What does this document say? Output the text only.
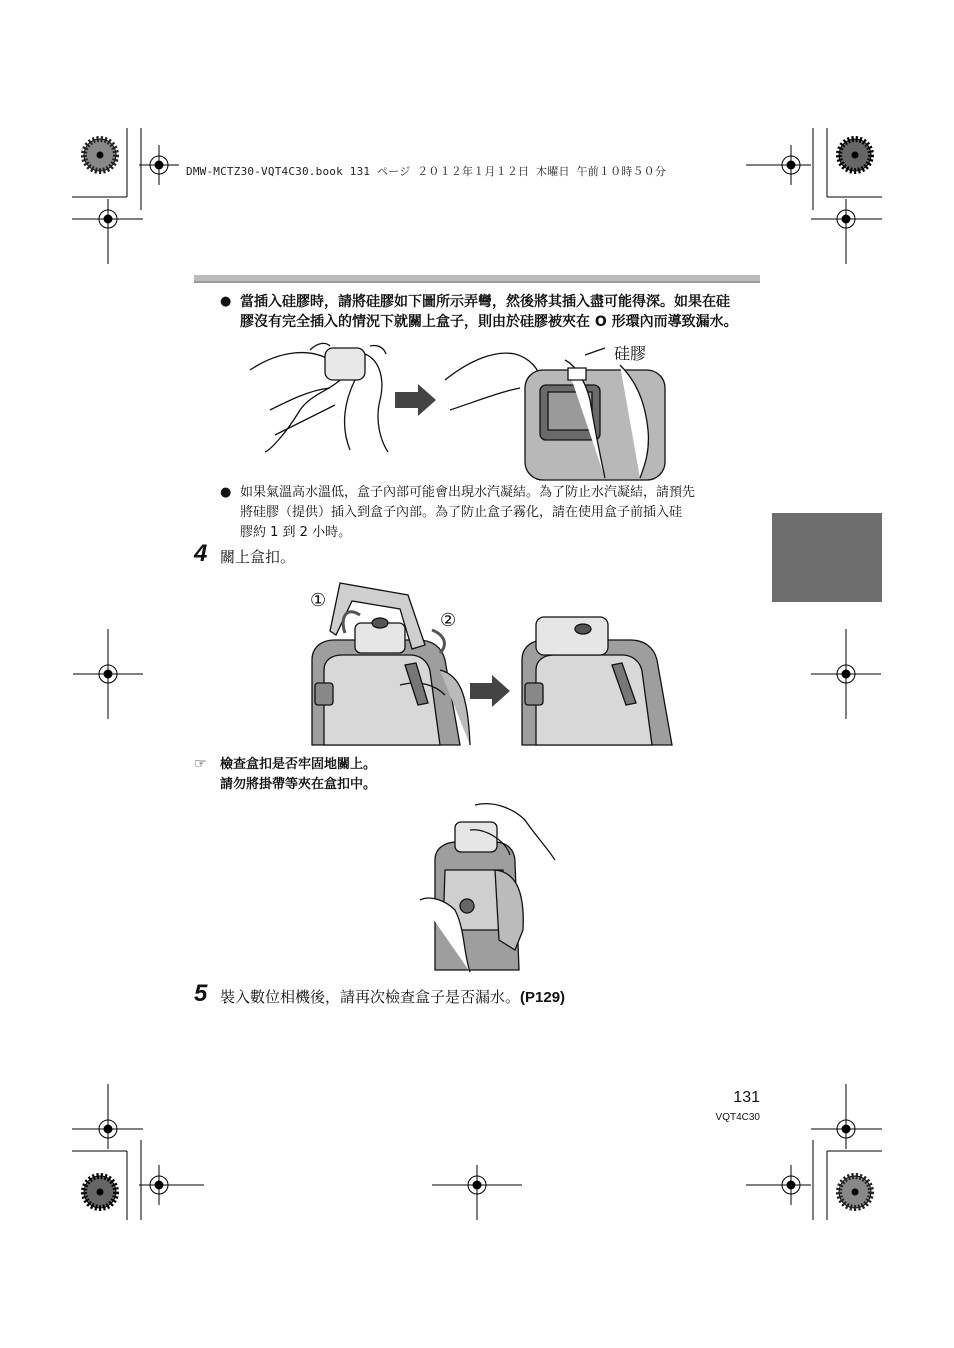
DMW-MCTZ30-VQT4C30.book 131 ページ ２０１２年１月１２日 木曜日 午前１０時５０分
● 當插入硅膠時，請將硅膠如下圖所示弄彎，然後將其插入盡可能得深。如果在硅
膠沒有完全插入的情況下就關上盒子，則由於硅膠被夾在 O 形環內而導致漏水。
硅膠
● 如果氣溫高水溫低，盒子內部可能會出現水汽凝結。為了防止水汽凝結，請預先
將硅膠（提供）插入到盒子內部。為了防止盒子霧化，請在使用盒子前插入硅
膠約 1 到 2 小時。
4 關上盒扣。
①
②
☞ 檢查盒扣是否牢固地關上。
請勿將掛帶等夾在盒扣中。
5 裝入數位相機後，請再次檢查盒子是否漏水。(P129)
131
VQT4C30
